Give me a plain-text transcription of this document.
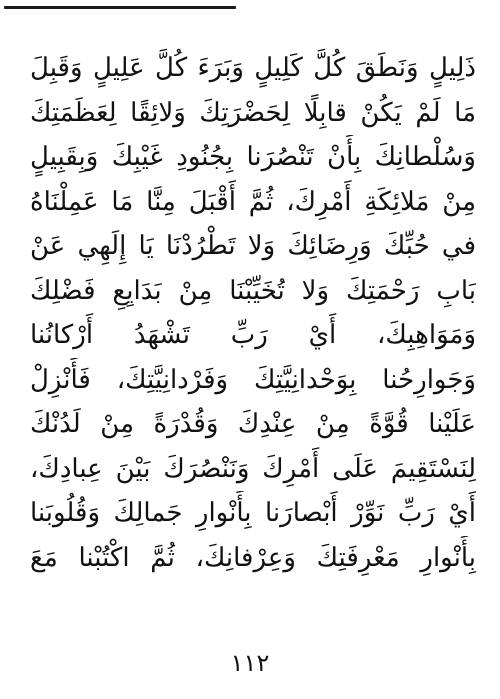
ذَلِيلٍ وَنَطَقَ كُلَّ كَلِيلٍ وَبَرَءَ كُلَّ عَلِيلٍ وَقَبِلَ
مَا لَمْ يَكُنْ قابِلًا لِحَضْرَتِكَ وَلائِقًا لِعَظَمَتِكَ
وَسُلْطانِكَ بِأَنْ تَنْصُرَنا بِجُنُودِ غَيْبِكَ وَبِقَبِيلٍ
مِنْ مَلائِكَةِ أَمْرِكَ، ثُمَّ أَقْبَلَ مِنَّا مَا عَمِلْنَاهُ
في حُبِّكَ وَرِضَائِكَ وَلا تَطْرُدْنَا يَا إِلَهِي عَنْ
بَابِ رَحْمَتِكَ وَلا تُخَيِّبْنَا مِنْ بَدَايِعِ فَضْلِكَ
وَمَوَاهِبِكَ، أَيْ رَبِّ تَشْهَدُ أَرْكانُنا
وَجَوارِحُنا بِوَحْدانِيَّتِكَ وَفَرْدانِيَّتِكَ، فَأَنْزِلْ
عَلَيْنا قُوَّةً مِنْ عِنْدِكَ وَقُدْرَةً مِنْ لَدُنْكَ
لِنَسْتَقِيمَ عَلَى أَمْرِكَ وَنَنْصُرَكَ بَيْنَ عِبادِكَ،
أَيْ رَبِّ نَوِّرْ أَبْصارَنا بِأَنْوارِ جَمالِكَ وَقُلُوبَنا
بِأَنْوارِ مَعْرِفَتِكَ وَعِرْفانِكَ، ثُمَّ اكْتُبْنا مَعَ
١١٢
